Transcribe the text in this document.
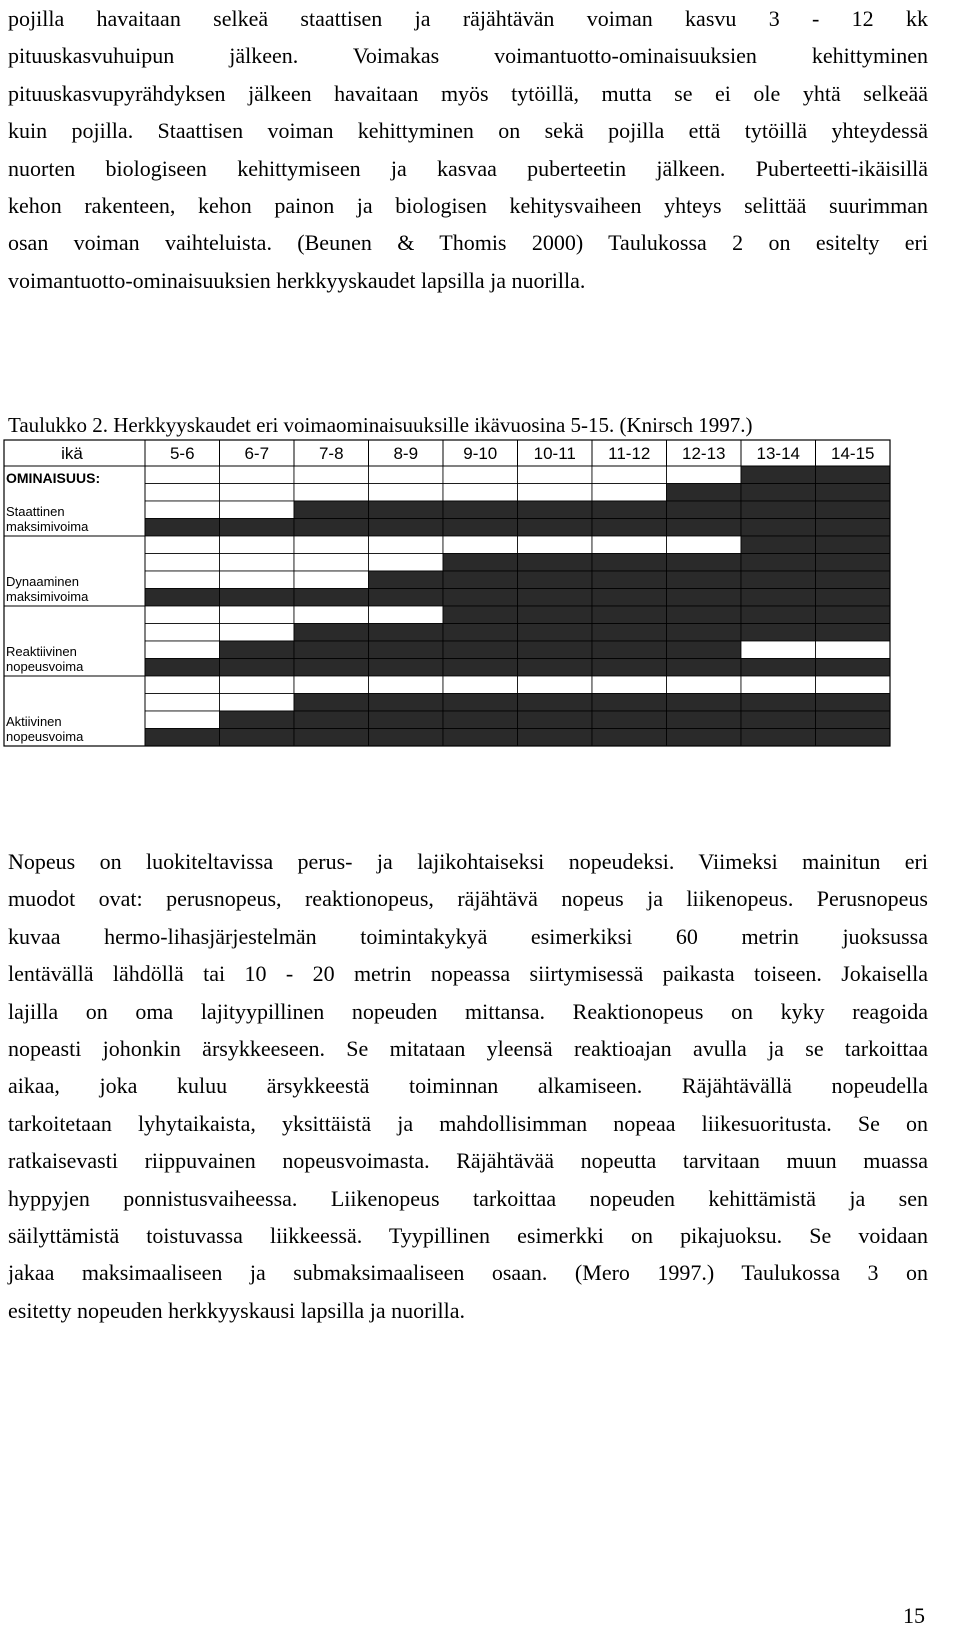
pojilla havaitaan selkeä staattisen ja räjähtävän voiman kasvu 3 - 12 kk
pituuskasvuhuipun jälkeen. Voimakas voimantuotto-ominaisuuksien kehittyminen
pituuskasvupyrähdyksen jälkeen havaitaan myös tytöillä, mutta se ei ole yhtä selkeää
kuin pojilla. Staattisen voiman kehittyminen on sekä pojilla että tytöillä yhteydessä
nuorten biologiseen kehittymiseen ja kasvaa puberteetin jälkeen. Puberteetti-ikäisillä
kehon rakenteen, kehon painon ja biologisen kehitysvaiheen yhteys selittää suurimman
osan voiman vaihteluista. (Beunen & Thomis 2000) Taulukossa 2 on esitelty eri
voimantuotto-ominaisuuksien herkkyyskaudet lapsilla ja nuorilla.
Taulukko 2. Herkkyyskaudet eri voimaominaisuuksille ikävuosina 5-15. (Knirsch 1997.)
ikä	5-6	6-7	7-8	8-9	9-10 10-11 11-12 12-13 13-14 14-15
OMINAISUUS:
Staattinen
maksimivoima
Dynaaminen
maksimivoima
Reaktiivinen
nopeusvoima
Aktiivinen
nopeusvoima
Nopeus on luokiteltavissa perus- ja lajikohtaiseksi nopeudeksi. Viimeksi mainitun eri
muodot ovat: perusnopeus, reaktionopeus, räjähtävä nopeus ja liikenopeus. Perusnopeus
kuvaa hermo-lihasjärjestelmän toimintakykyä esimerkiksi 60 metrin juoksussa
lentävällä lähdöllä tai 10 - 20 metrin nopeassa siirtymisessä paikasta toiseen. Jokaisella
lajilla on oma lajityypillinen nopeuden mittansa. Reaktionopeus on kyky reagoida
nopeasti johonkin ärsykkeeseen. Se mitataan yleensä reaktioajan avulla ja se tarkoittaa
aikaa, joka kuluu ärsykkeestä toiminnan alkamiseen. Räjähtävällä nopeudella
tarkoitetaan lyhytaikaista, yksittäistä ja mahdollisimman nopeaa liikesuoritusta. Se on
ratkaisevasti riippuvainen nopeusvoimasta. Räjähtävää nopeutta tarvitaan muun muassa
hyppyjen ponnistusvaiheessa. Liikenopeus tarkoittaa nopeuden kehittämistä ja sen
säilyttämistä toistuvassa liikkeessä. Tyypillinen esimerkki on pikajuoksu. Se voidaan
jakaa maksimaaliseen ja submaksimaaliseen osaan. (Mero 1997.) Taulukossa 3 on
esitetty nopeuden herkkyyskausi lapsilla ja nuorilla.
15
